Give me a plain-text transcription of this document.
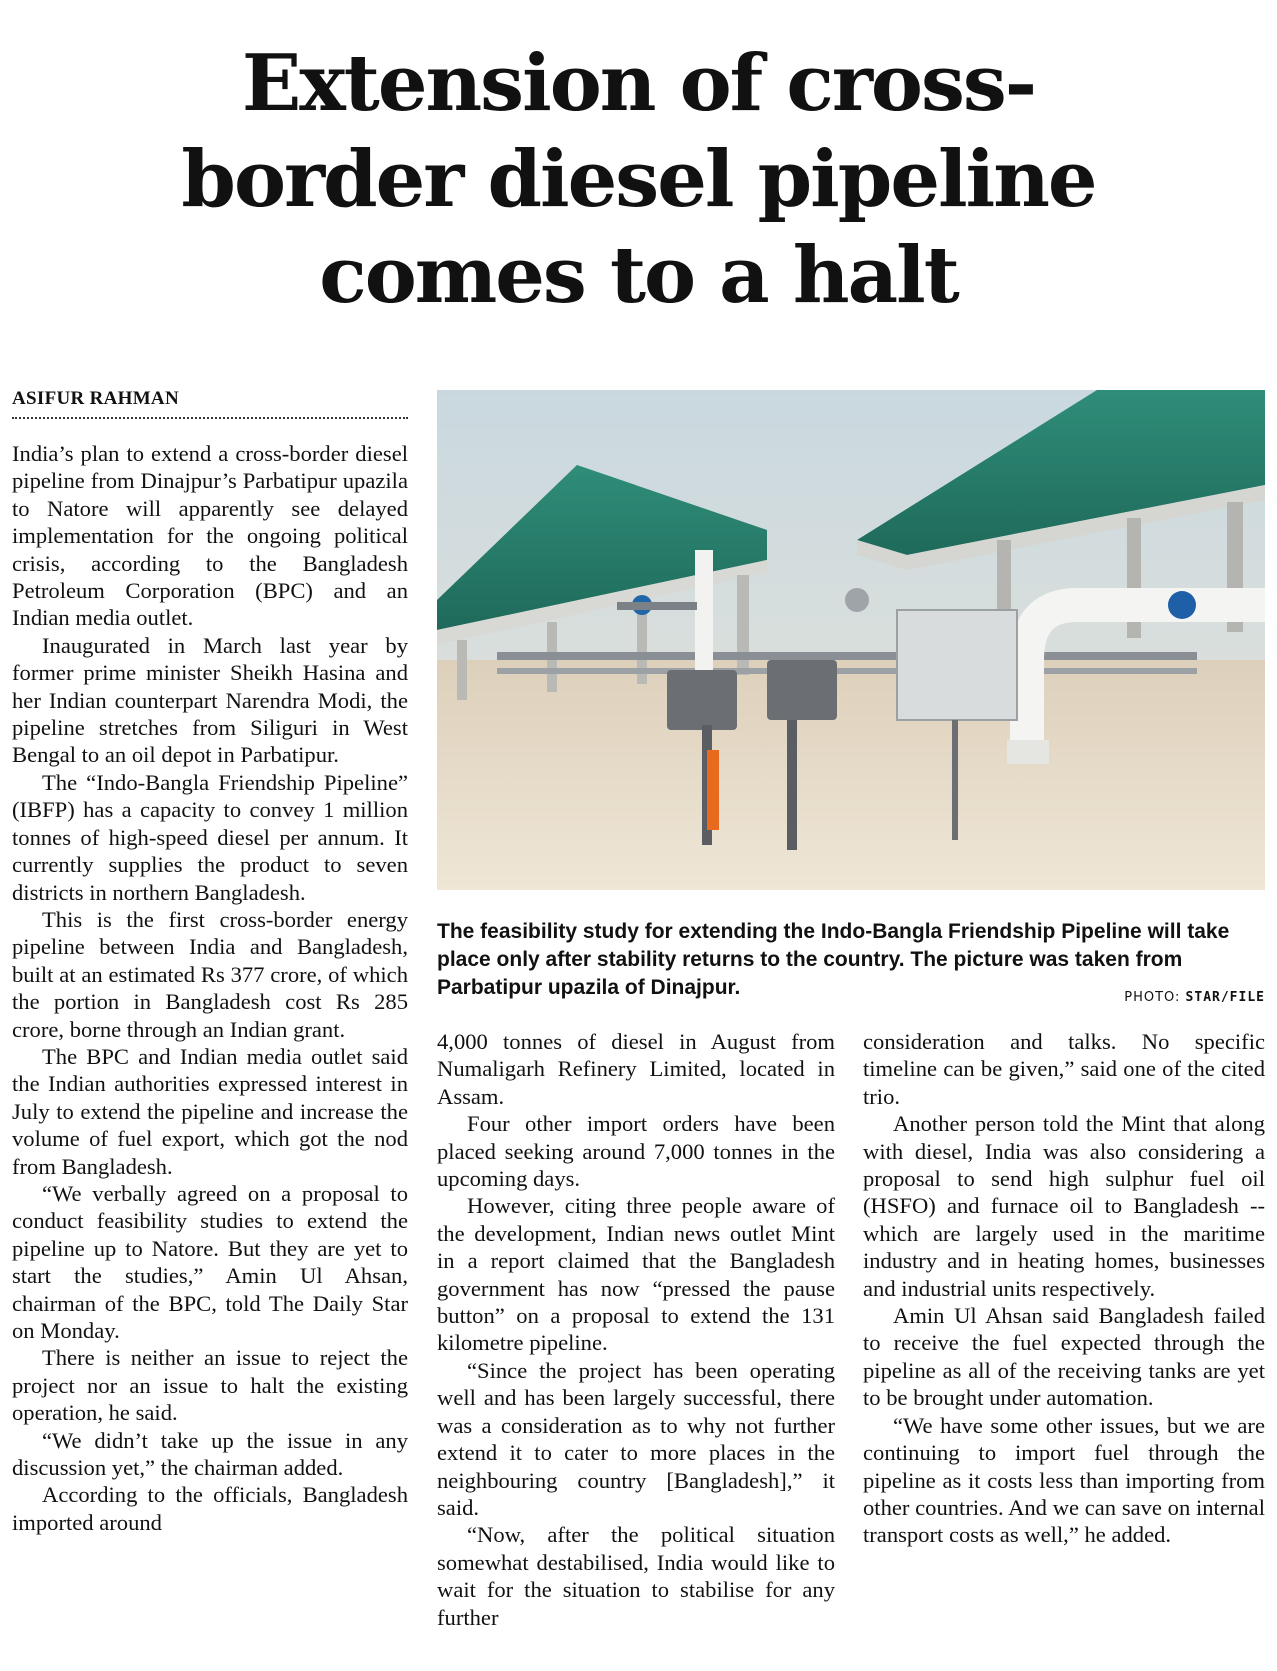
Extension of cross-
border diesel pipeline
comes to a halt
ASIFUR RAHMAN

India’s plan to extend a cross-border diesel pipeline from Dinajpur’s Parbatipur upazila to Natore will apparently see delayed implementation for the ongoing political crisis, according to the Bangladesh Petroleum Corporation (BPC) and an Indian media outlet.

Inaugurated in March last year by former prime minister Sheikh Hasina and her Indian counterpart Narendra Modi, the pipeline stretches from Siliguri in West Bengal to an oil depot in Parbatipur.

The “Indo-Bangla Friendship Pipeline” (IBFP) has a capacity to convey 1 million tonnes of high-speed diesel per annum. It currently supplies the product to seven districts in northern Bangladesh.

This is the first cross-border energy pipeline between India and Bangladesh, built at an estimated Rs 377 crore, of which the portion in Bangladesh cost Rs 285 crore, borne through an Indian grant.

The BPC and Indian media outlet said the Indian authorities expressed interest in July to extend the pipeline and increase the volume of fuel export, which got the nod from Bangladesh.

“We verbally agreed on a proposal to conduct feasibility studies to extend the pipeline up to Natore. But they are yet to start the studies,” Amin Ul Ahsan, chairman of the BPC, told The Daily Star on Monday.

There is neither an issue to reject the project nor an issue to halt the existing operation, he said.

“We didn’t take up the issue in any discussion yet,” the chairman added.

According to the officials, Bangladesh imported around

The feasibility study for extending the Indo-Bangla Friendship Pipeline will take place only after stability returns to the country. The picture was taken from Parbatipur upazila of Dinajpur.	PHOTO: STAR/FILE

4,000 tonnes of diesel in August from Numaligarh Refinery Limited, located in Assam.

Four other import orders have been placed seeking around 7,000 tonnes in the upcoming days.

However, citing three people aware of the development, Indian news outlet Mint in a report claimed that the Bangladesh government has now “pressed the pause button” on a proposal to extend the 131 kilometre pipeline.

“Since the project has been operating well and has been largely successful, there was a consideration as to why not further extend it to cater to more places in the neighbouring country [Bangladesh],” it said.

“Now, after the political situation somewhat destabilised, India would like to wait for the situation to stabilise for any further

consideration and talks. No specific timeline can be given,” said one of the cited trio.

Another person told the Mint that along with diesel, India was also considering a proposal to send high sulphur fuel oil (HSFO) and furnace oil to Bangladesh -- which are largely used in the maritime industry and in heating homes, businesses and industrial units respectively.

Amin Ul Ahsan said Bangladesh failed to receive the fuel expected through the pipeline as all of the receiving tanks are yet to be brought under automation.

“We have some other issues, but we are continuing to import fuel through the pipeline as it costs less than importing from other countries. And we can save on internal transport costs as well,” he added.
